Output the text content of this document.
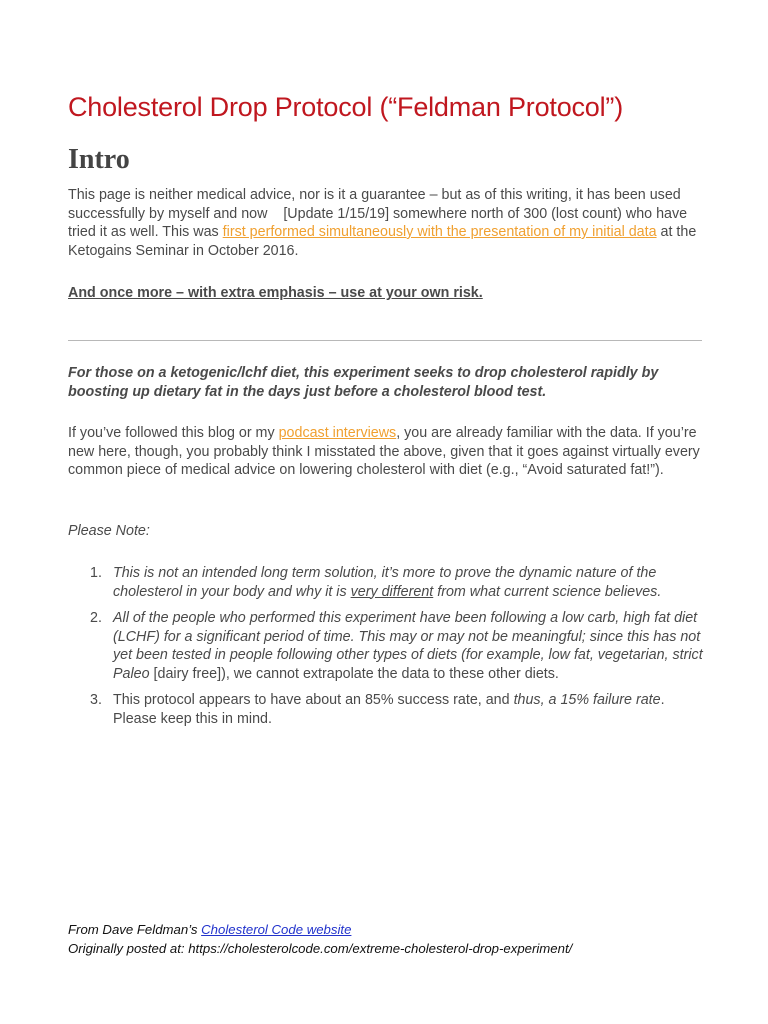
Cholesterol Drop Protocol (“Feldman Protocol”)
Intro

This page is neither medical advice, nor is it a guarantee – but as of this writing, it has been used successfully by myself and now    [Update 1/15/19] somewhere north of 300 (lost count) who have tried it as well. This was first performed simultaneously with the presentation of my initial data at the Ketogains Seminar in October 2016.

And once more – with extra emphasis – use at your own risk.

For those on a ketogenic/lchf diet, this experiment seeks to drop cholesterol rapidly by boosting up dietary fat in the days just before a cholesterol blood test.

If you’ve followed this blog or my podcast interviews, you are already familiar with the data. If you’re new here, though, you probably think I misstated the above, given that it goes against virtually every common piece of medical advice on lowering cholesterol with diet (e.g., “Avoid saturated fat!”).

Please Note:

1. This is not an intended long term solution, it’s more to prove the dynamic nature of the cholesterol in your body and why it is very different from what current science believes.
2. All of the people who performed this experiment have been following a low carb, high fat diet (LCHF) for a significant period of time. This may or may not be meaningful; since this has not yet been tested in people following other types of diets (for example, low fat, vegetarian, strict Paleo [dairy free]), we cannot extrapolate the data to these other diets.
3. This protocol appears to have about an 85% success rate, and thus, a 15% failure rate. Please keep this in mind.
From Dave Feldman’s Cholesterol Code website
Originally posted at: https://cholesterolcode.com/extreme-cholesterol-drop-experiment/
